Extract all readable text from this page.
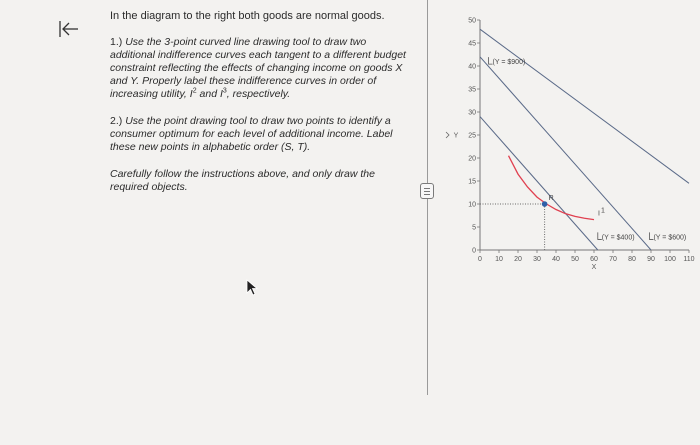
In the diagram to the right both goods are normal goods.

1.) Use the 3-point curved line drawing tool to draw two additional indifference curves each tangent to a different budget constraint reflecting the effects of changing income on goods X and Y. Properly label these indifference curves in order of increasing utility, $I^2$ and $I^3$, respectively.

2.) Use the point drawing tool to draw two points to identify a consumer optimum for each level of additional income. Label these new points in alphabetic order (S, T).

Carefully follow the instructions above, and only draw the required objects.

0
5
10
15
20
25
30
35
40
45
50
0 10 20 30 40 50 60 70 80 90 100 110
Y
X
(Y = $900)
(Y = $400)	(Y = $600)
I 1
R
